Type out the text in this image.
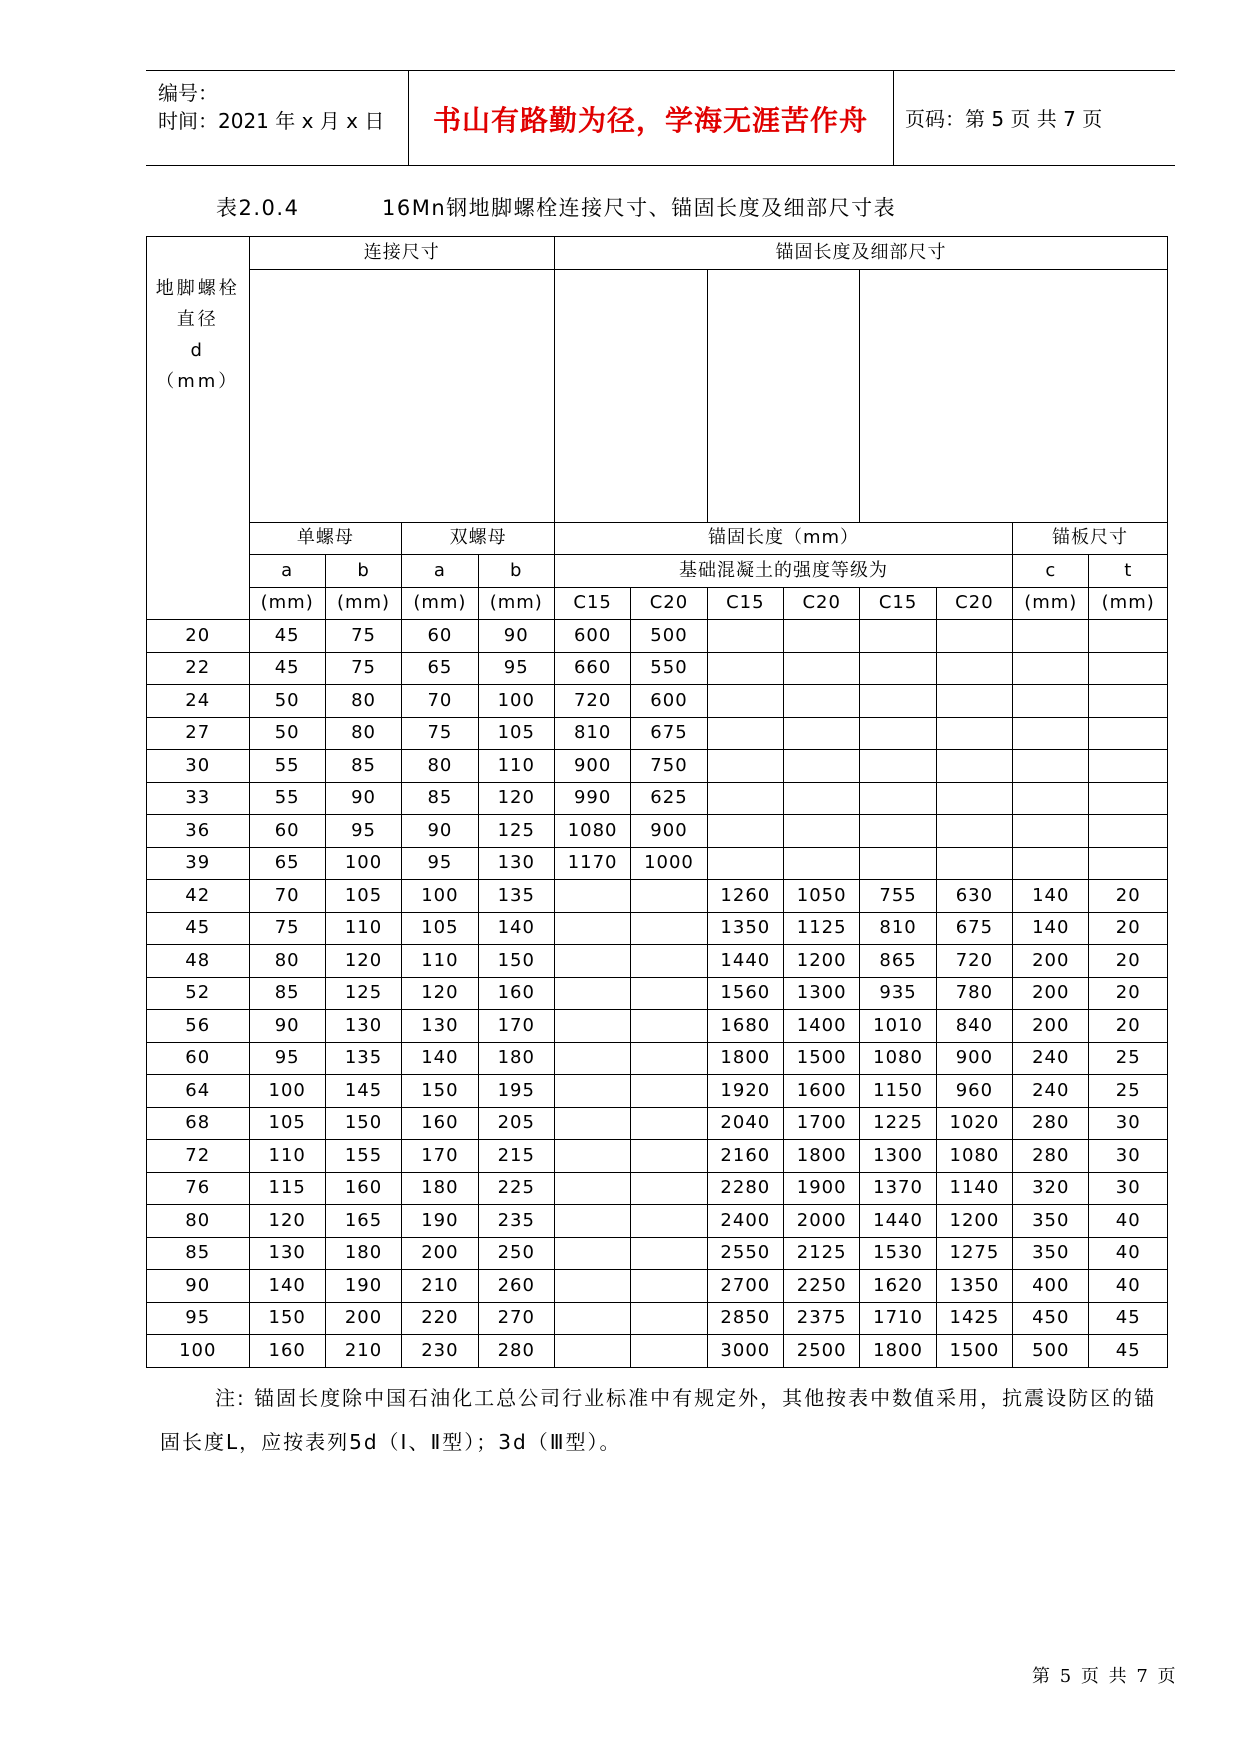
编号：
时间：2021 年 x 月 x 日	书山有路勤为径，学海无涯苦作舟	页码：第 5 页 共 7 页
表2.0.4	16Mn钢地脚螺栓连接尺寸、锚固长度及细部尺寸表
地脚螺栓
直径
d
（mm）	连接尺寸				锚固长度及细部尺寸							

	单螺母		双螺母		锚固长度（mm）						锚板尺寸	
	a	b	a	b	基础混凝土的强度等级为						c	t
	(mm)	(mm)	(mm)	(mm)	C15	C20	C15	C20	C15	C20	(mm)	(mm)
20	45	75	60	90	600	500						
22	45	75	65	95	660	550						
24	50	80	70	100	720	600						
27	50	80	75	105	810	675						
30	55	85	80	110	900	750						
33	55	90	85	120	990	625						
36	60	95	90	125	1080	900						
39	65	100	95	130	1170	1000						
42	70	105	100	135			1260	1050	755	630	140	20
45	75	110	105	140			1350	1125	810	675	140	20
48	80	120	110	150			1440	1200	865	720	200	20
52	85	125	120	160			1560	1300	935	780	200	20
56	90	130	130	170			1680	1400	1010	840	200	20
60	95	135	140	180			1800	1500	1080	900	240	25
64	100	145	150	195			1920	1600	1150	960	240	25
68	105	150	160	205			2040	1700	1225	1020	280	30
72	110	155	170	215			2160	1800	1300	1080	280	30
76	115	160	180	225			2280	1900	1370	1140	320	30
80	120	165	190	235			2400	2000	1440	1200	350	40
85	130	180	200	250			2550	2125	1530	1275	350	40
90	140	190	210	260			2700	2250	1620	1350	400	40
95	150	200	220	270			2850	2375	1710	1425	450	45
100	160	210	230	280			3000	2500	1800	1500	500	45
注: 锚固长度除中国石油化工总公司行业标准中有规定外，其他按表中数值采用，抗震设防区的锚固长度L，应按表列5d（Ⅰ、Ⅱ型）；3d（Ⅲ型）。
第 5 页 共 7 页
